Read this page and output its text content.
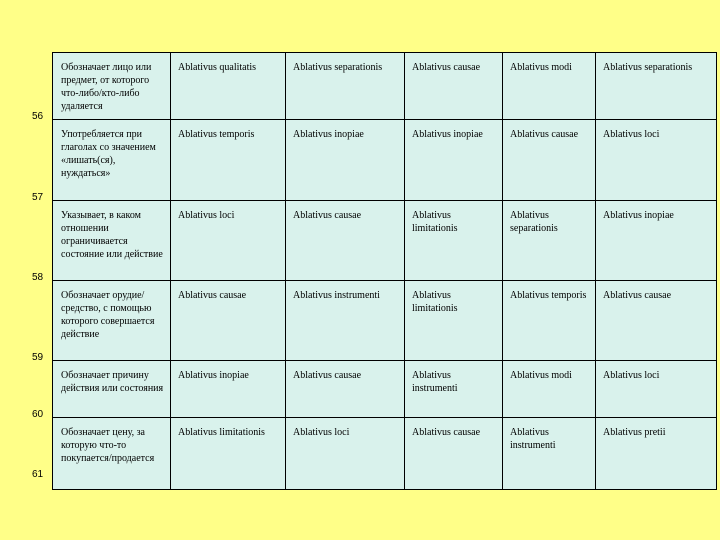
56
57
58
59
60
61
Обозначает лицо или предмет, от которого что-либо/кто-либо удаляется	Ablativus qualitatis	Ablativus separationis	Ablativus causae	Ablativus modi	Ablativus separationis
Употребляется при глаголах со значением «лишать(ся), нуждаться»	Ablativus temporis	Ablativus inopiae	Ablativus inopiae	Ablativus causae	Ablativus loci
Указывает, в каком отношении ограничивается состояние или действие	Ablativus loci	Ablativus causae	Ablativus limitationis	Ablativus separationis	Ablativus inopiae
Обозначает орудие/средство, с помощью которого совершается действие	Ablativus causae	Ablativus instrumenti	Ablativus limitationis	Ablativus temporis	Ablativus causae
Обозначает причину действия или состояния	Ablativus inopiae	Ablativus causae	Ablativus instrumenti	Ablativus modi	Ablativus loci
Обозначает цену, за которую что-то покупается/продается	Ablativus limitationis	Ablativus loci	Ablativus causae	Ablativus instrumenti	Ablativus pretii
